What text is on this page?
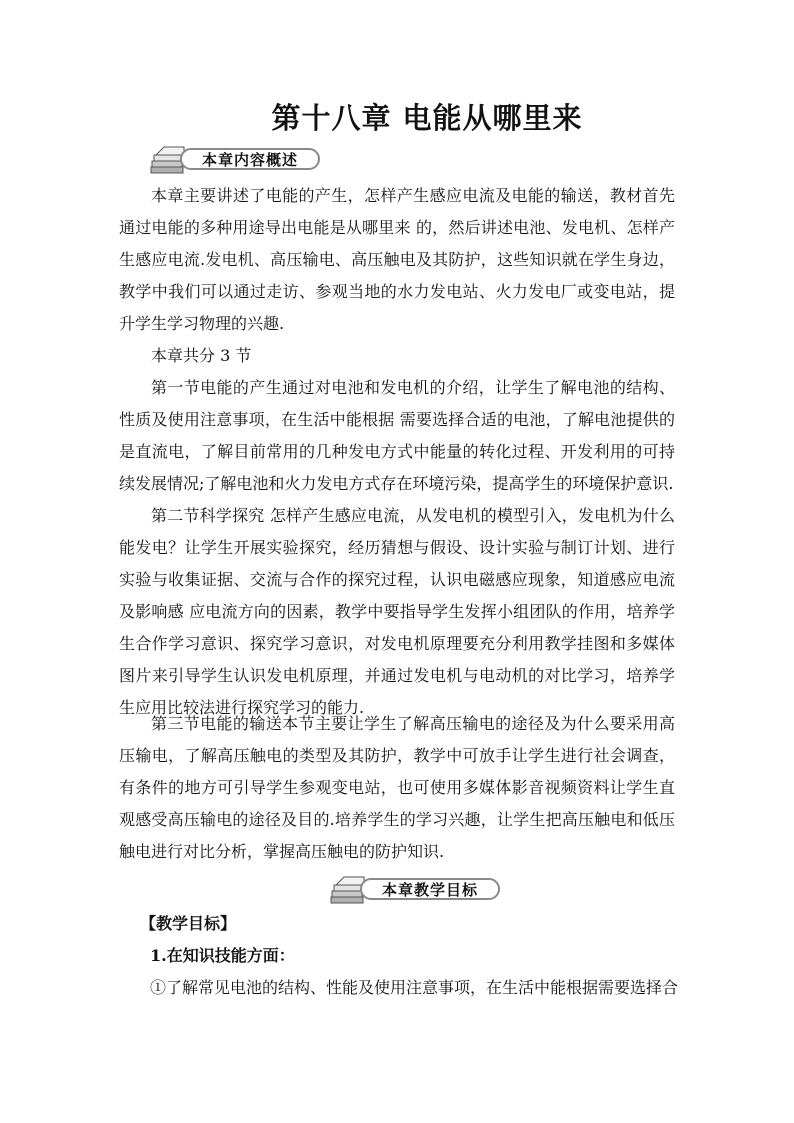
第十八章 电能从哪里来
本章内容概述

本章主要讲述了电能的产生，怎样产生感应电流及电能的输送，教材首先通过电能的多种用途导出电能是从哪里来 的，然后讲述电池、发电机、怎样产生感应电流.发电机、高压输电、高压触电及其防护，这些知识就在学生身边，教学中我们可以通过走访、参观当地的水力发电站、火力发电厂或变电站，提升学生学习物理的兴趣.

本章共分 3 节

第一节电能的产生通过对电池和发电机的介绍，让学生了解电池的结构、性质及使用注意事项，在生活中能根据 需要选择合适的电池，了解电池提供的是直流电，了解目前常用的几种发电方式中能量的转化过程、开发利用的可持续发展情况;了解电池和火力发电方式存在环境污染，提高学生的环境保护意识.

第二节科学探究 怎样产生感应电流，从发电机的模型引入，发电机为什么能发电？让学生开展实验探究，经历猜想与假设、设计实验与制订计划、进行实验与收集证据、交流与合作的探究过程，认识电磁感应现象，知道感应电流及影响感 应电流方向的因素，教学中要指导学生发挥小组团队的作用，培养学生合作学习意识、探究学习意识，对发电机原理要充分利用教学挂图和多媒体图片来引导学生认识发电机原理，并通过发电机与电动机的对比学习，培养学生应用比较法进行探究学习的能力.

第三节电能的输送本节主要让学生了解高压输电的途径及为什么要采用高压输电，了解高压触电的类型及其防护，教学中可放手让学生进行社会调查，有条件的地方可引导学生参观变电站，也可使用多媒体影音视频资料让学生直观感受高压输电的途径及目的.培养学生的学习兴趣，让学生把高压触电和低压触电进行对比分析，掌握高压触电的防护知识.

本章教学目标

【教学目标】

1.在知识技能方面：

①了解常见电池的结构、性能及使用注意事项，在生活中能根据需要选择合
